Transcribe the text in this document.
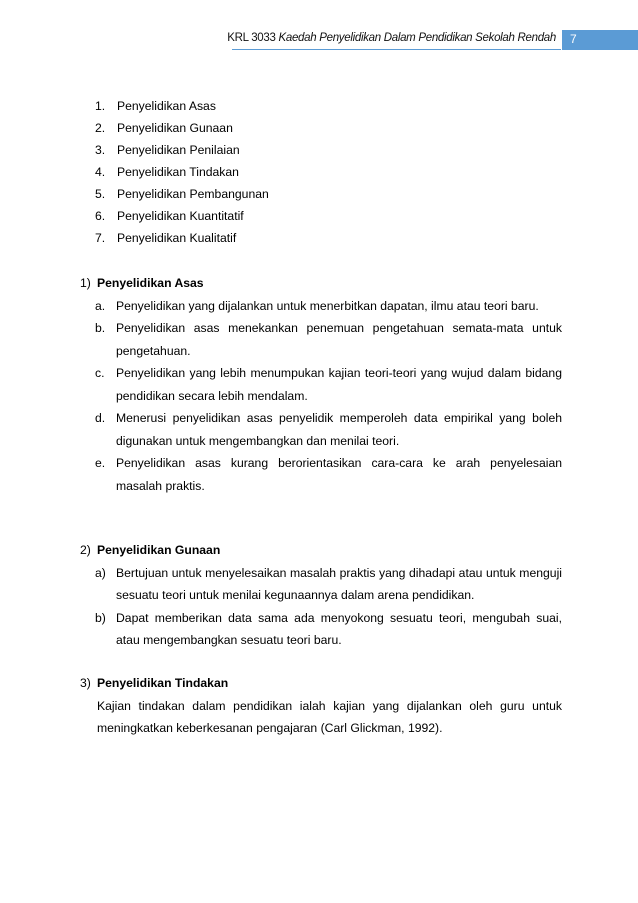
KRL 3033 Kaedah Penyelidikan Dalam Pendidikan Sekolah Rendah 7
1. Penyelidikan Asas
2. Penyelidikan Gunaan
3. Penyelidikan Penilaian
4. Penyelidikan Tindakan
5. Penyelidikan Pembangunan
6. Penyelidikan Kuantitatif
7. Penyelidikan Kualitatif
1) Penyelidikan Asas
a. Penyelidikan yang dijalankan untuk menerbitkan dapatan, ilmu atau teori baru.
b. Penyelidikan asas menekankan penemuan pengetahuan semata-mata untuk pengetahuan.
c. Penyelidikan yang lebih menumpukan kajian teori-teori yang wujud dalam bidang pendidikan secara lebih mendalam.
d. Menerusi penyelidikan asas penyelidik memperoleh data empirikal yang boleh digunakan untuk mengembangkan dan menilai teori.
e. Penyelidikan asas kurang berorientasikan cara-cara ke arah penyelesaian masalah praktis.
2) Penyelidikan Gunaan
a) Bertujuan untuk menyelesaikan masalah praktis yang dihadapi atau untuk menguji sesuatu teori untuk menilai kegunaannya dalam arena pendidikan.
b) Dapat memberikan data sama ada menyokong sesuatu teori, mengubah suai, atau mengembangkan sesuatu teori baru.
3) Penyelidikan Tindakan
Kajian tindakan dalam pendidikan ialah kajian yang dijalankan oleh guru untuk meningkatkan keberkesanan pengajaran (Carl Glickman, 1992).
